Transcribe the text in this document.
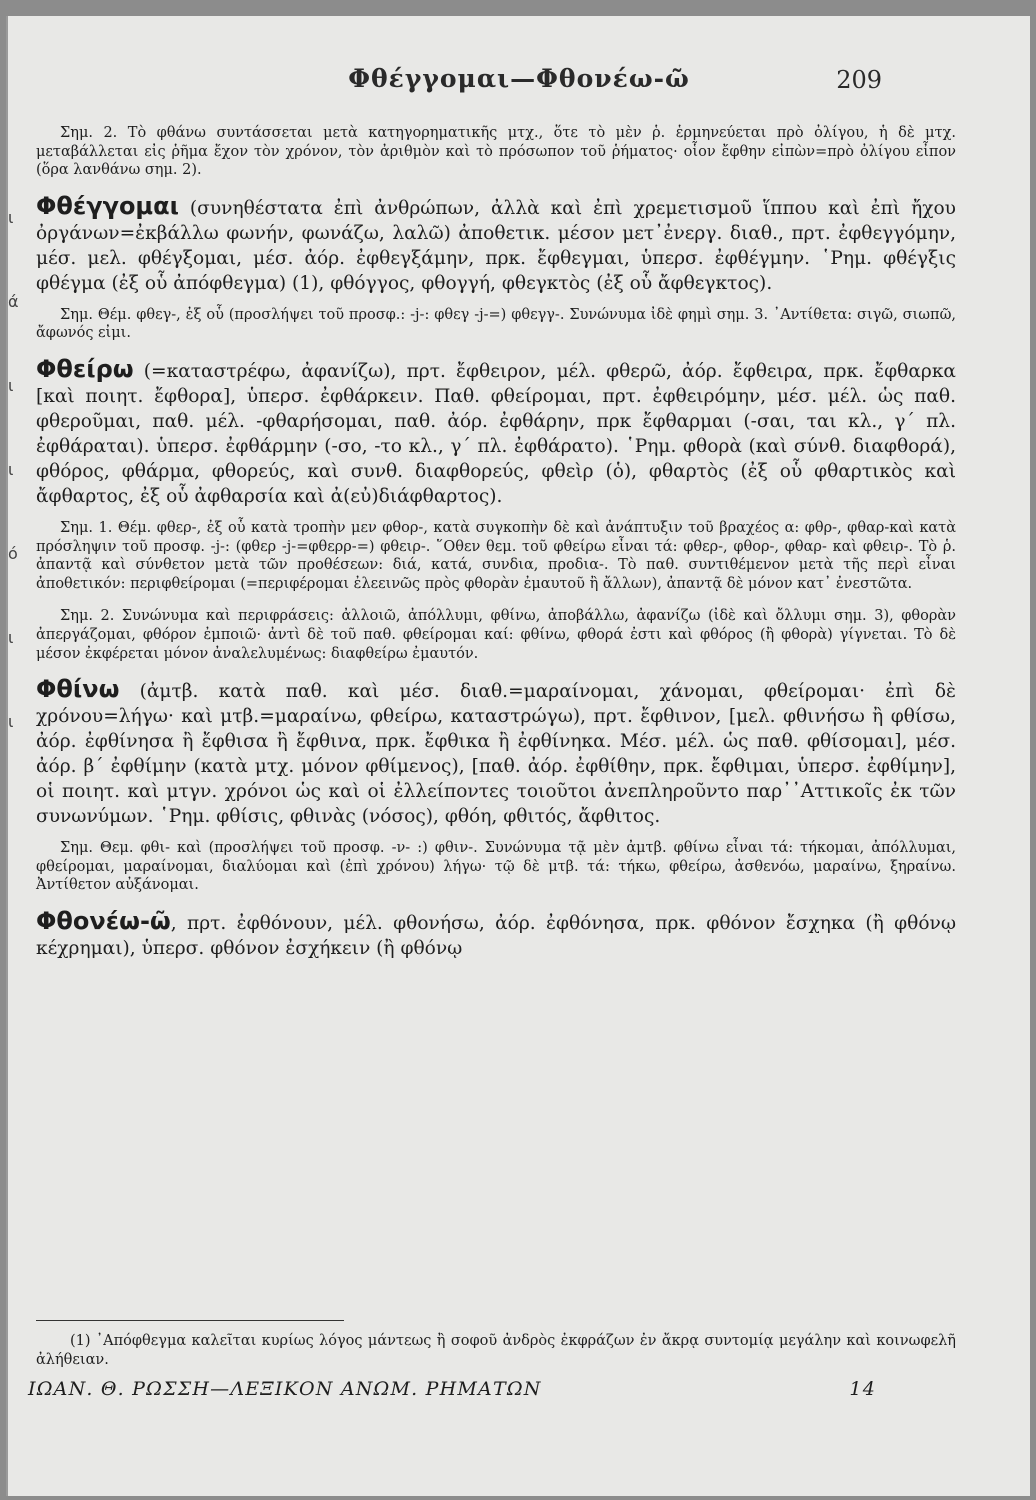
ι
ά
ι
ι
ό
ι
ι
Φθέγγομαι—Φθονέω-ῶ	209

Σημ. 2. Τὸ φθάνω συντάσσεται μετὰ κατηγορηματικῆς μτχ., ὅτε τὸ μὲν ῥ. ἑρμηνεύεται πρὸ ὀλίγου, ἡ δὲ μτχ. μεταβάλλεται εἰς ῥῆμα ἔχον τὸν χρόνον, τὸν ἀριθμὸν καὶ τὸ πρόσωπον τοῦ ῥήματος· οἷον ἔφθην εἰπὼν=πρὸ ὀλίγου εἶπον (ὅρα λανθάνω σημ. 2).

Φθέγγομαι (συνηθέστατα ἐπὶ ἀνθρώπων, ἀλλὰ καὶ ἐπὶ χρεμετισμοῦ ἵππου καὶ ἐπὶ ἤχου ὀργάνων=ἐκβάλλω φωνήν, φωνάζω, λαλῶ) ἀποθετικ. μέσον μετ᾽ἐνεργ. διαθ., πρτ. ἐφθεγγόμην, μέσ. μελ. φθέγξομαι, μέσ. ἀόρ. ἐφθεγξάμην, πρκ. ἔφθεγμαι, ὑπερσ. ἐφθέγμην. ῾Ρημ. φθέγξις φθέγμα (ἐξ οὗ ἀπόφθεγμα) (1), φθόγγος, φθογγή, φθεγκτὸς (ἐξ οὗ ἄφθεγκτος).

Σημ. Θέμ. φθεγ-, ἐξ οὗ (προσλήψει τοῦ προσφ.: -j-: φθεγ -j-=) φθεγγ-. Συνώνυμα ἰδὲ φημὶ σημ. 3. ᾽Αντίθετα: σιγῶ, σιωπῶ, ἄφωνός εἰμι.

Φθείρω (=καταστρέφω, ἀφανίζω), πρτ. ἔφθειρον, μέλ. φθερῶ, ἀόρ. ἔφθειρα, πρκ. ἔφθαρκα [καὶ ποιητ. ἔφθορα], ὑπερσ. ἐφθάρκειν. Παθ. φθείρομαι, πρτ. ἐφθειρόμην, μέσ. μέλ. ὡς παθ. φθεροῦμαι, παθ. μέλ. -φθαρήσομαι, παθ. ἀόρ. ἐφθάρην, πρκ ἔφθαρμαι (-σαι, ται κλ., γ´ πλ. ἐφθάραται). ὑπερσ. ἐφθάρμην (-σο, -το κλ., γ´ πλ. ἐφθάρατο). ῾Ρημ. φθορὰ (καὶ σύνθ. διαφθορά), φθόρος, φθάρμα, φθορεύς, καὶ συνθ. διαφθορεύς, φθεὶρ (ὁ), φθαρτὸς (ἐξ οὗ φθαρτικὸς καὶ ἄφθαρτος, ἐξ οὗ ἀφθαρσία καὶ ἀ(εὐ)διάφθαρτος).

Σημ. 1. Θέμ. φθερ-, ἐξ οὗ κατὰ τροπὴν μεν φθορ-, κατὰ συγκοπὴν δὲ καὶ ἀνάπτυξιν τοῦ βραχέος α: φθρ-, φθαρ-καὶ κατὰ πρόσληψιν τοῦ προσφ. -j-: (φθερ -j-=φθερρ-=) φθειρ-. ῞Οθεν θεμ. τοῦ φθείρω εἶναι τά: φθερ-, φθορ-, φθαρ- καὶ φθειρ-. Τὸ ῥ. ἀπαντᾷ καὶ σύνθετον μετὰ τῶν προθέσεων: διά, κατά, συνδια, προδια-. Τὸ παθ. συντιθέμενον μετὰ τῆς περὶ εἶναι ἀποθετικόν: περιφθείρομαι (=περιφέρομαι ἐλεεινῶς πρὸς φθορὰν ἐμαυτοῦ ἢ ἄλλων), ἀπαντᾷ δὲ μόνον κατ᾽ ἐνεστῶτα.

Σημ. 2. Συνώνυμα καὶ περιφράσεις: ἀλλοιῶ, ἀπόλλυμι, φθίνω, ἀποβάλλω, ἀφανίζω (ἰδὲ καὶ ὄλλυμι σημ. 3), φθορὰν ἀπεργάζομαι, φθόρον ἐμποιῶ· ἀντὶ δὲ τοῦ παθ. φθείρομαι καί: φθίνω, φθορά ἐστι καὶ φθόρος (ἢ φθορὰ) γίγνεται. Τὸ δὲ μέσον ἐκφέρεται μόνον ἀναλελυμένως: διαφθείρω ἐμαυτόν.

Φθίνω (ἀμτβ. κατὰ παθ. καὶ μέσ. διαθ.=μαραίνομαι, χάνομαι, φθείρομαι· ἐπὶ δὲ χρόνου=λήγω· καὶ μτβ.=μαραίνω, φθείρω, καταστρώγω), πρτ. ἔφθινον, [μελ. φθινήσω ἢ φθίσω, ἀόρ. ἐφθίνησα ἢ ἔφθισα ἢ ἔφθινα, πρκ. ἔφθικα ἢ ἐφθίνηκα. Μέσ. μέλ. ὡς παθ. φθίσομαι], μέσ. ἀόρ. β´ ἐφθίμην (κατὰ μτχ. μόνον φθίμενος), [παθ. ἀόρ. ἐφθίθην, πρκ. ἔφθιμαι, ὑπερσ. ἐφθίμην], οἱ ποιητ. καὶ μτγν. χρόνοι ὡς καὶ οἱ ἐλλείποντες τοιοῦτοι ἀνεπληροῦντο παρ᾽᾽Αττικοῖς ἐκ τῶν συνωνύμων. ῾Ρημ. φθίσις, φθινὰς (νόσος), φθόη, φθιτός, ἄφθιτος.

Σημ. Θεμ. φθι- καὶ (προσλήψει τοῦ προσφ. -ν- :) φθιν-. Συνώνυμα τᾷ μὲν ἀμτβ. φθίνω εἶναι τά: τήκομαι, ἀπόλλυμαι, φθείρομαι, μαραίνομαι, διαλύομαι καὶ (ἐπὶ χρόνου) λήγω· τῷ δὲ μτβ. τά: τήκω, φθείρω, ἀσθενόω, μαραίνω, ξηραίνω. Ἀντίθετον αὐξάνομαι.

Φθονέω-ῶ, πρτ. ἐφθόνουν, μέλ. φθονήσω, ἀόρ. ἐφθόνησα, πρκ. φθόνον ἔσχηκα (ἢ φθόνῳ κέχρημαι), ὑπερσ. φθόνον ἐσχήκειν (ἢ φθόνῳ

(1) ᾽Απόφθεγμα καλεῖται κυρίως λόγος μάντεως ἢ σοφοῦ ἀνδρὸς ἐκφράζων ἐν ἄκρᾳ συντομίᾳ μεγάλην καὶ κοινωφελῆ ἀλήθειαν.

ΙΩΑΝ. Θ. ΡΩΣΣΗ—ΛΕΞΙΚΟΝ ΑΝΩΜ. ΡΗΜΑΤΩΝ	14
